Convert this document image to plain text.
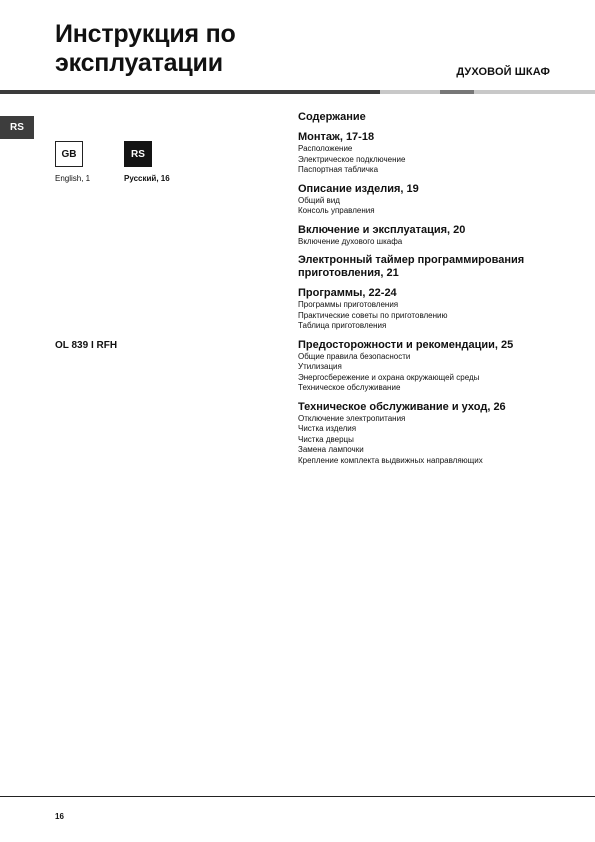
Инструкция по
эксплуатации	ДУХОВОЙ ШКАФ
RS
GB	RS
English, 1	Русский, 16
OL 839 I RFH
Содержание
Монтаж, 17-18
Расположение
Электрическое подключение
Паспортная табличка
Описание изделия, 19
Общий вид
Консоль управления
Включение и эксплуатация, 20
Включение духового шкафа
Электронный таймер программирования приготовления, 21
Программы, 22-24
Программы приготовления
Практические советы по приготовлению
Таблица приготовления
Предосторожности и рекомендации, 25
Общие правила безопасности
Утилизация
Энергосбережение и охрана окружающей среды
Техническое обслуживание
Техническое обслуживание и уход, 26
Отключение электропитания
Чистка изделия
Чистка дверцы
Замена лампочки
Крепление комплекта выдвижных направляющих
16
